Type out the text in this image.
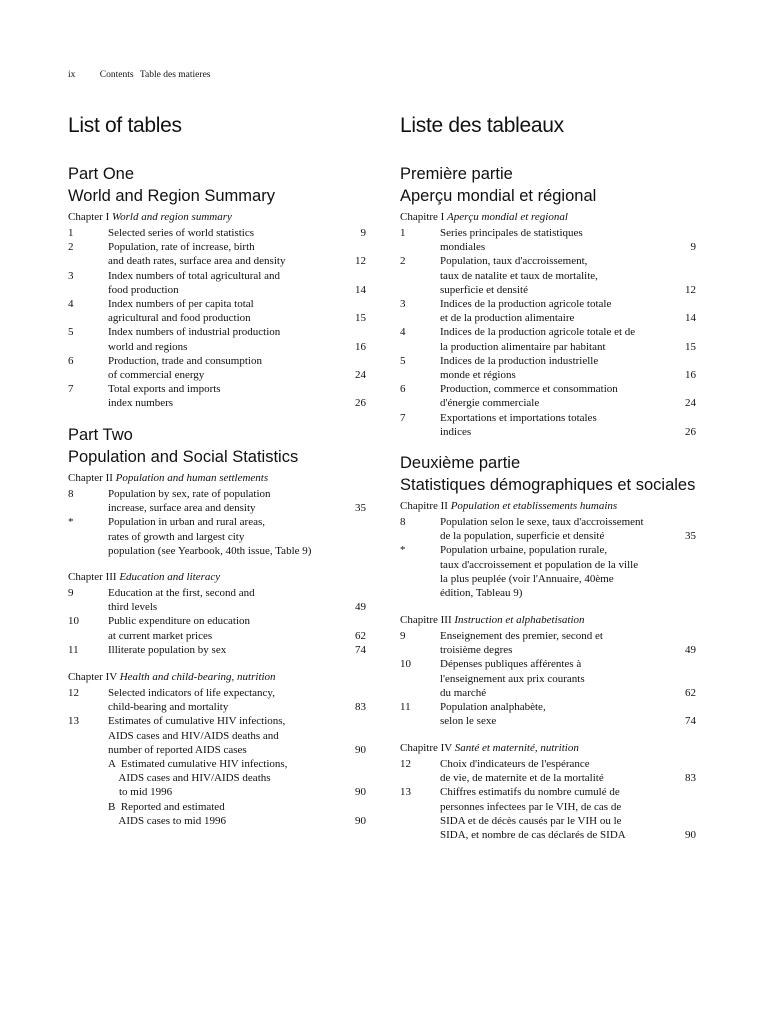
ix	Contents Table des matieres
List of tables
Part One
World and Region Summary
Chapter I World and region summary
1	Selected series of world statistics	9
2	Population, rate of increase, birth
and death rates, surface area and density	12
3	Index numbers of total agricultural and
food production	14
4	Index numbers of per capita total
agricultural and food production	15
5	Index numbers of industrial production
world and regions	16
6	Production, trade and consumption
of commercial energy	24
7	Total exports and imports
index numbers	26
Part Two
Population and Social Statistics
Chapter II Population and human settlements
8	Population by sex, rate of population
increase, surface area and density	35
*	Population in urban and rural areas,
rates of growth and largest city
population (see Yearbook, 40th issue, Table 9)
Chapter III Education and literacy
9	Education at the first, second and
third levels	49
10	Public expenditure on education
at current market prices	62
11	Illiterate population by sex	74
Chapter IV Health and child-bearing, nutrition
12	Selected indicators of life expectancy,
child-bearing and mortality	83
13	Estimates of cumulative HIV infections,
AIDS cases and HIV/AIDS deaths and
number of reported AIDS cases	90
A  Estimated cumulative HIV infections,
AIDS cases and HIV/AIDS deaths
to mid 1996	90
B  Reported and estimated
AIDS cases to mid 1996	90
Liste des tableaux
Première partie
Aperçu mondial et régional
Chapitre I Aperçu mondial et regional
1	Series principales de statistiques
mondiales	9
2	Population, taux d'accroissement,
taux de natalite et taux de mortalite,
superficie et densité	12
3	Indices de la production agricole totale
et de la production alimentaire	14
4	Indices de la production agricole totale et de
la production alimentaire par habitant	15
5	Indices de la production industrielle
monde et régions	16
6	Production, commerce et consommation
d'énergie commerciale	24
7	Exportations et importations totales
indices	26
Deuxième partie
Statistiques démographiques et sociales
Chapitre II Population et etablissements humains
8	Population selon le sexe, taux d'accroissement
de la population, superficie et densité	35
*	Population urbaine, population rurale,
taux d'accroissement et population de la ville
la plus peuplée (voir l'Annuaire, 40ème
édition, Tableau 9)
Chapitre III Instruction et alphabetisation
9	Enseignement des premier, second et
troisième degres	49
10	Dépenses publiques afférentes à
l'enseignement aux prix courants
du marché	62
11	Population analphabète,
selon le sexe	74
Chapitre IV Santé et maternité, nutrition
12	Choix d'indicateurs de l'espérance
de vie, de maternite et de la mortalité	83
13	Chiffres estimatifs du nombre cumulé de
personnes infectees par le VIH, de cas de
SIDA et de décès causés par le VIH ou le
SIDA, et nombre de cas déclarés de SIDA	90
